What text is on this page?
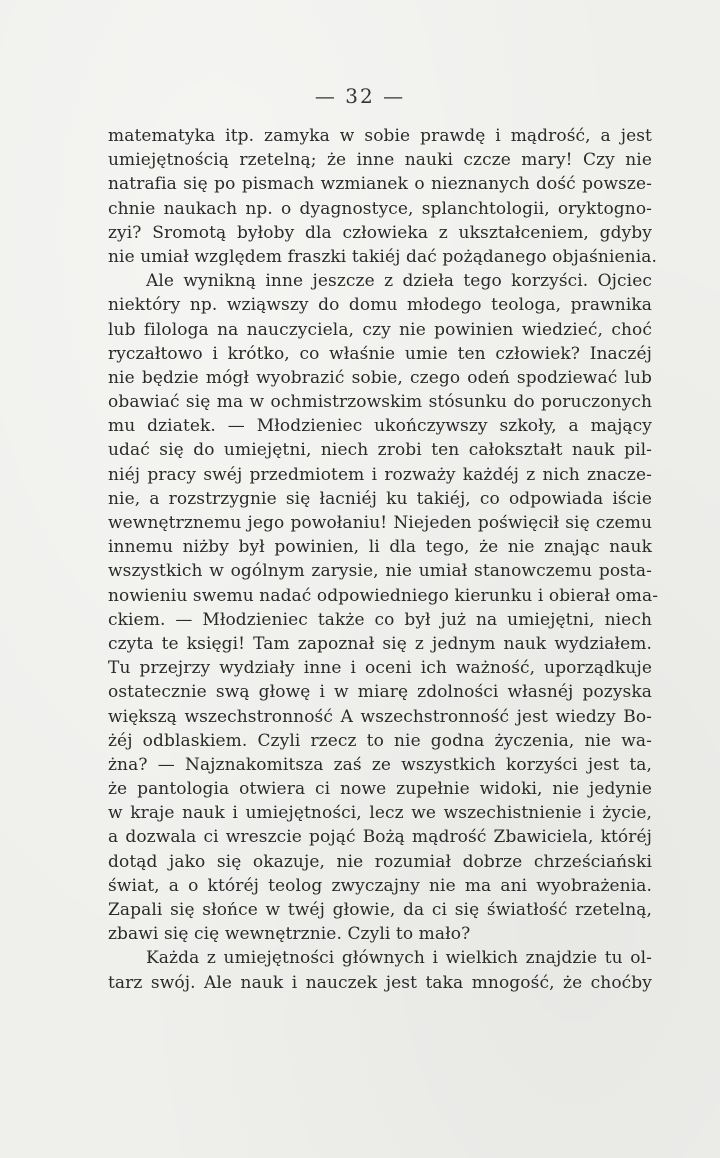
— 32 —
matematyka itp. zamyka w sobie prawdę i mądrość, a jest
umiejętnością rzetelną; że inne nauki czcze mary! Czy nie
natrafia się po pismach wzmianek o nieznanych dość powsze-
chnie naukach np. o dyagnostyce, splanchtologii, oryktogno-
zyi? Sromotą byłoby dla człowieka z ukształceniem, gdyby
nie umiał względem fraszki takiéj dać pożądanego objaśnienia.
Ale wynikną inne jeszcze z dzieła tego korzyści. Ojciec
niektóry np. wziąwszy do domu młodego teologa, prawnika
lub filologa na nauczyciela, czy nie powinien wiedzieć, choć
ryczałtowo i krótko, co właśnie umie ten człowiek? Inaczéj
nie będzie mógł wyobrazić sobie, czego odeń spodziewać lub
obawiać się ma w ochmistrzowskim stósunku do poruczonych
mu dziatek. — Młodzieniec ukończywszy szkoły, a mający
udać się do umiejętni, niech zrobi ten całokształt nauk pil-
niéj pracy swéj przedmiotem i rozważy każdéj z nich znacze-
nie, a rozstrzygnie się łacniéj ku takiéj, co odpowiada iście
wewnętrznemu jego powołaniu! Niejeden poświęcił się czemu
innemu niżby był powinien, li dla tego, że nie znając nauk
wszystkich w ogólnym zarysie, nie umiał stanowczemu posta-
nowieniu swemu nadać odpowiedniego kierunku i obierał oma-
ckiem. — Młodzieniec także co był już na umiejętni, niech
czyta te księgi! Tam zapoznał się z jednym nauk wydziałem.
Tu przejrzy wydziały inne i oceni ich ważność, uporządkuje
ostatecznie swą głowę i w miarę zdolności własnéj pozyska
większą wszechstronność A wszechstronność jest wiedzy Bo-
żéj odblaskiem. Czyli rzecz to nie godna życzenia, nie wa-
żna? — Najznakomitsza zaś ze wszystkich korzyści jest ta,
że pantologia otwiera ci nowe zupełnie widoki, nie jedynie
w kraje nauk i umiejętności, lecz we wszechistnienie i życie,
a dozwala ci wreszcie pojąć Bożą mądrość Zbawiciela, któréj
dotąd jako się okazuje, nie rozumiał dobrze chrześciański
świat, a o któréj teolog zwyczajny nie ma ani wyobrażenia.
Zapali się słońce w twéj głowie, da ci się światłość rzetelną,
zbawi się cię wewnętrznie. Czyli to mało?
Każda z umiejętności głównych i wielkich znajdzie tu ol-
tarz swój. Ale nauk i nauczek jest taka mnogość, że choćby
